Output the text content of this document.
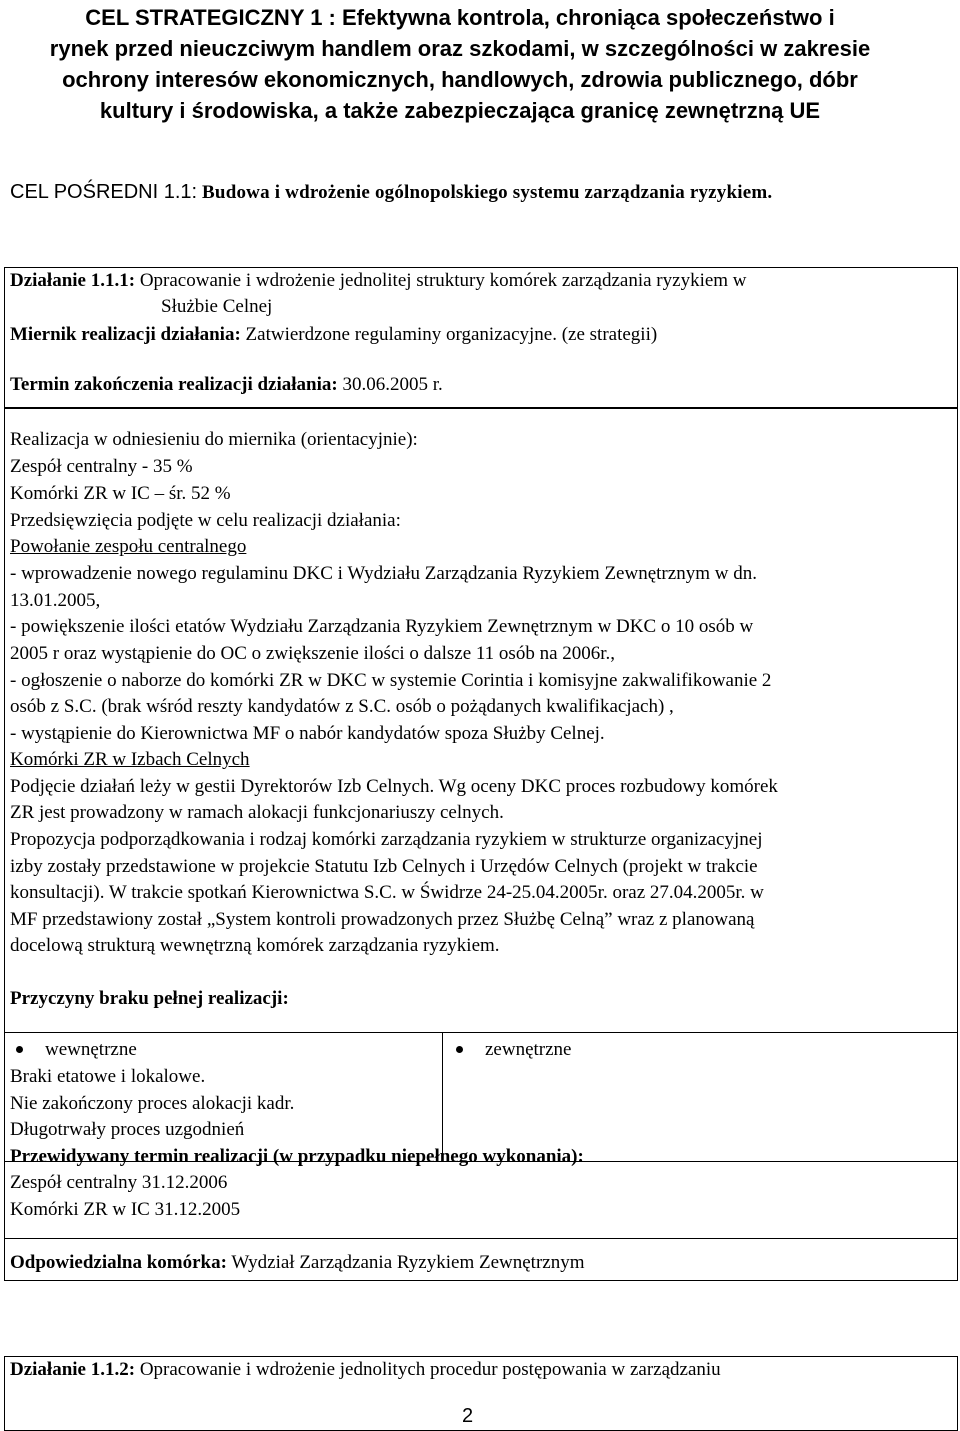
CEL STRATEGICZNY 1 : Efektywna kontrola, chroniąca społeczeństwo i
rynek przed nieuczciwym handlem oraz szkodami, w szczególności w zakresie
ochrony interesów ekonomicznych, handlowych, zdrowia publicznego, dóbr
kultury i środowiska, a także zabezpieczająca granicę zewnętrzną UE
CEL POŚREDNI 1.1: Budowa i wdrożenie ogólnopolskiego systemu zarządzania ryzykiem.
Działanie 1.1.1: Opracowanie i wdrożenie jednolitej struktury komórek zarządzania ryzykiem w
Służbie Celnej
Miernik realizacji działania: Zatwierdzone regulaminy organizacyjne. (ze strategii)
Termin zakończenia realizacji działania: 30.06.2005 r.
Realizacja w odniesieniu do miernika (orientacyjnie):
Zespół centralny - 35 %
Komórki ZR w IC – śr. 52 %
Przedsięwzięcia podjęte w celu realizacji działania:
Powołanie zespołu centralnego
- wprowadzenie nowego regulaminu DKC i Wydziału Zarządzania Ryzykiem Zewnętrznym w dn.
13.01.2005,
- powiększenie ilości etatów Wydziału Zarządzania Ryzykiem Zewnętrznym w DKC o 10 osób w
2005 r oraz wystąpienie do OC o zwiększenie ilości o dalsze 11 osób na 2006r.,
- ogłoszenie o naborze do komórki ZR w DKC w systemie Corintia i komisyjne zakwalifikowanie 2
osób z S.C. (brak wśród reszty kandydatów z S.C. osób o pożądanych kwalifikacjach) ,
- wystąpienie do Kierownictwa MF o nabór kandydatów spoza Służby Celnej.
Komórki ZR w Izbach Celnych
Podjęcie działań leży w gestii Dyrektorów Izb Celnych. Wg oceny DKC proces rozbudowy komórek
ZR jest prowadzony w ramach alokacji funkcjonariuszy celnych.
Propozycja podporządkowania i rodzaj komórki zarządzania ryzykiem w strukturze organizacyjnej
izby zostały przedstawione w projekcie Statutu Izb Celnych i Urzędów Celnych (projekt w trakcie
konsultacji). W trakcie spotkań Kierownictwa S.C. w Świdrze 24-25.04.2005r. oraz 27.04.2005r. w
MF przedstawiony został „System kontroli prowadzonych przez Służbę Celną” wraz z planowaną
docelową strukturą wewnętrzną komórek zarządzania ryzykiem.
Przyczyny braku pełnej realizacji:
wewnętrzne	zewnętrzne
Braki etatowe i lokalowe.
Nie zakończony proces alokacji kadr.
Długotrwały proces uzgodnień
Przewidywany termin realizacji (w przypadku niepełnego wykonania):
Zespół centralny 31.12.2006
Komórki ZR w IC 31.12.2005
Odpowiedzialna komórka: Wydział Zarządzania Ryzykiem Zewnętrznym
Działanie 1.1.2: Opracowanie i wdrożenie jednolitych procedur postępowania w zarządzaniu
2
